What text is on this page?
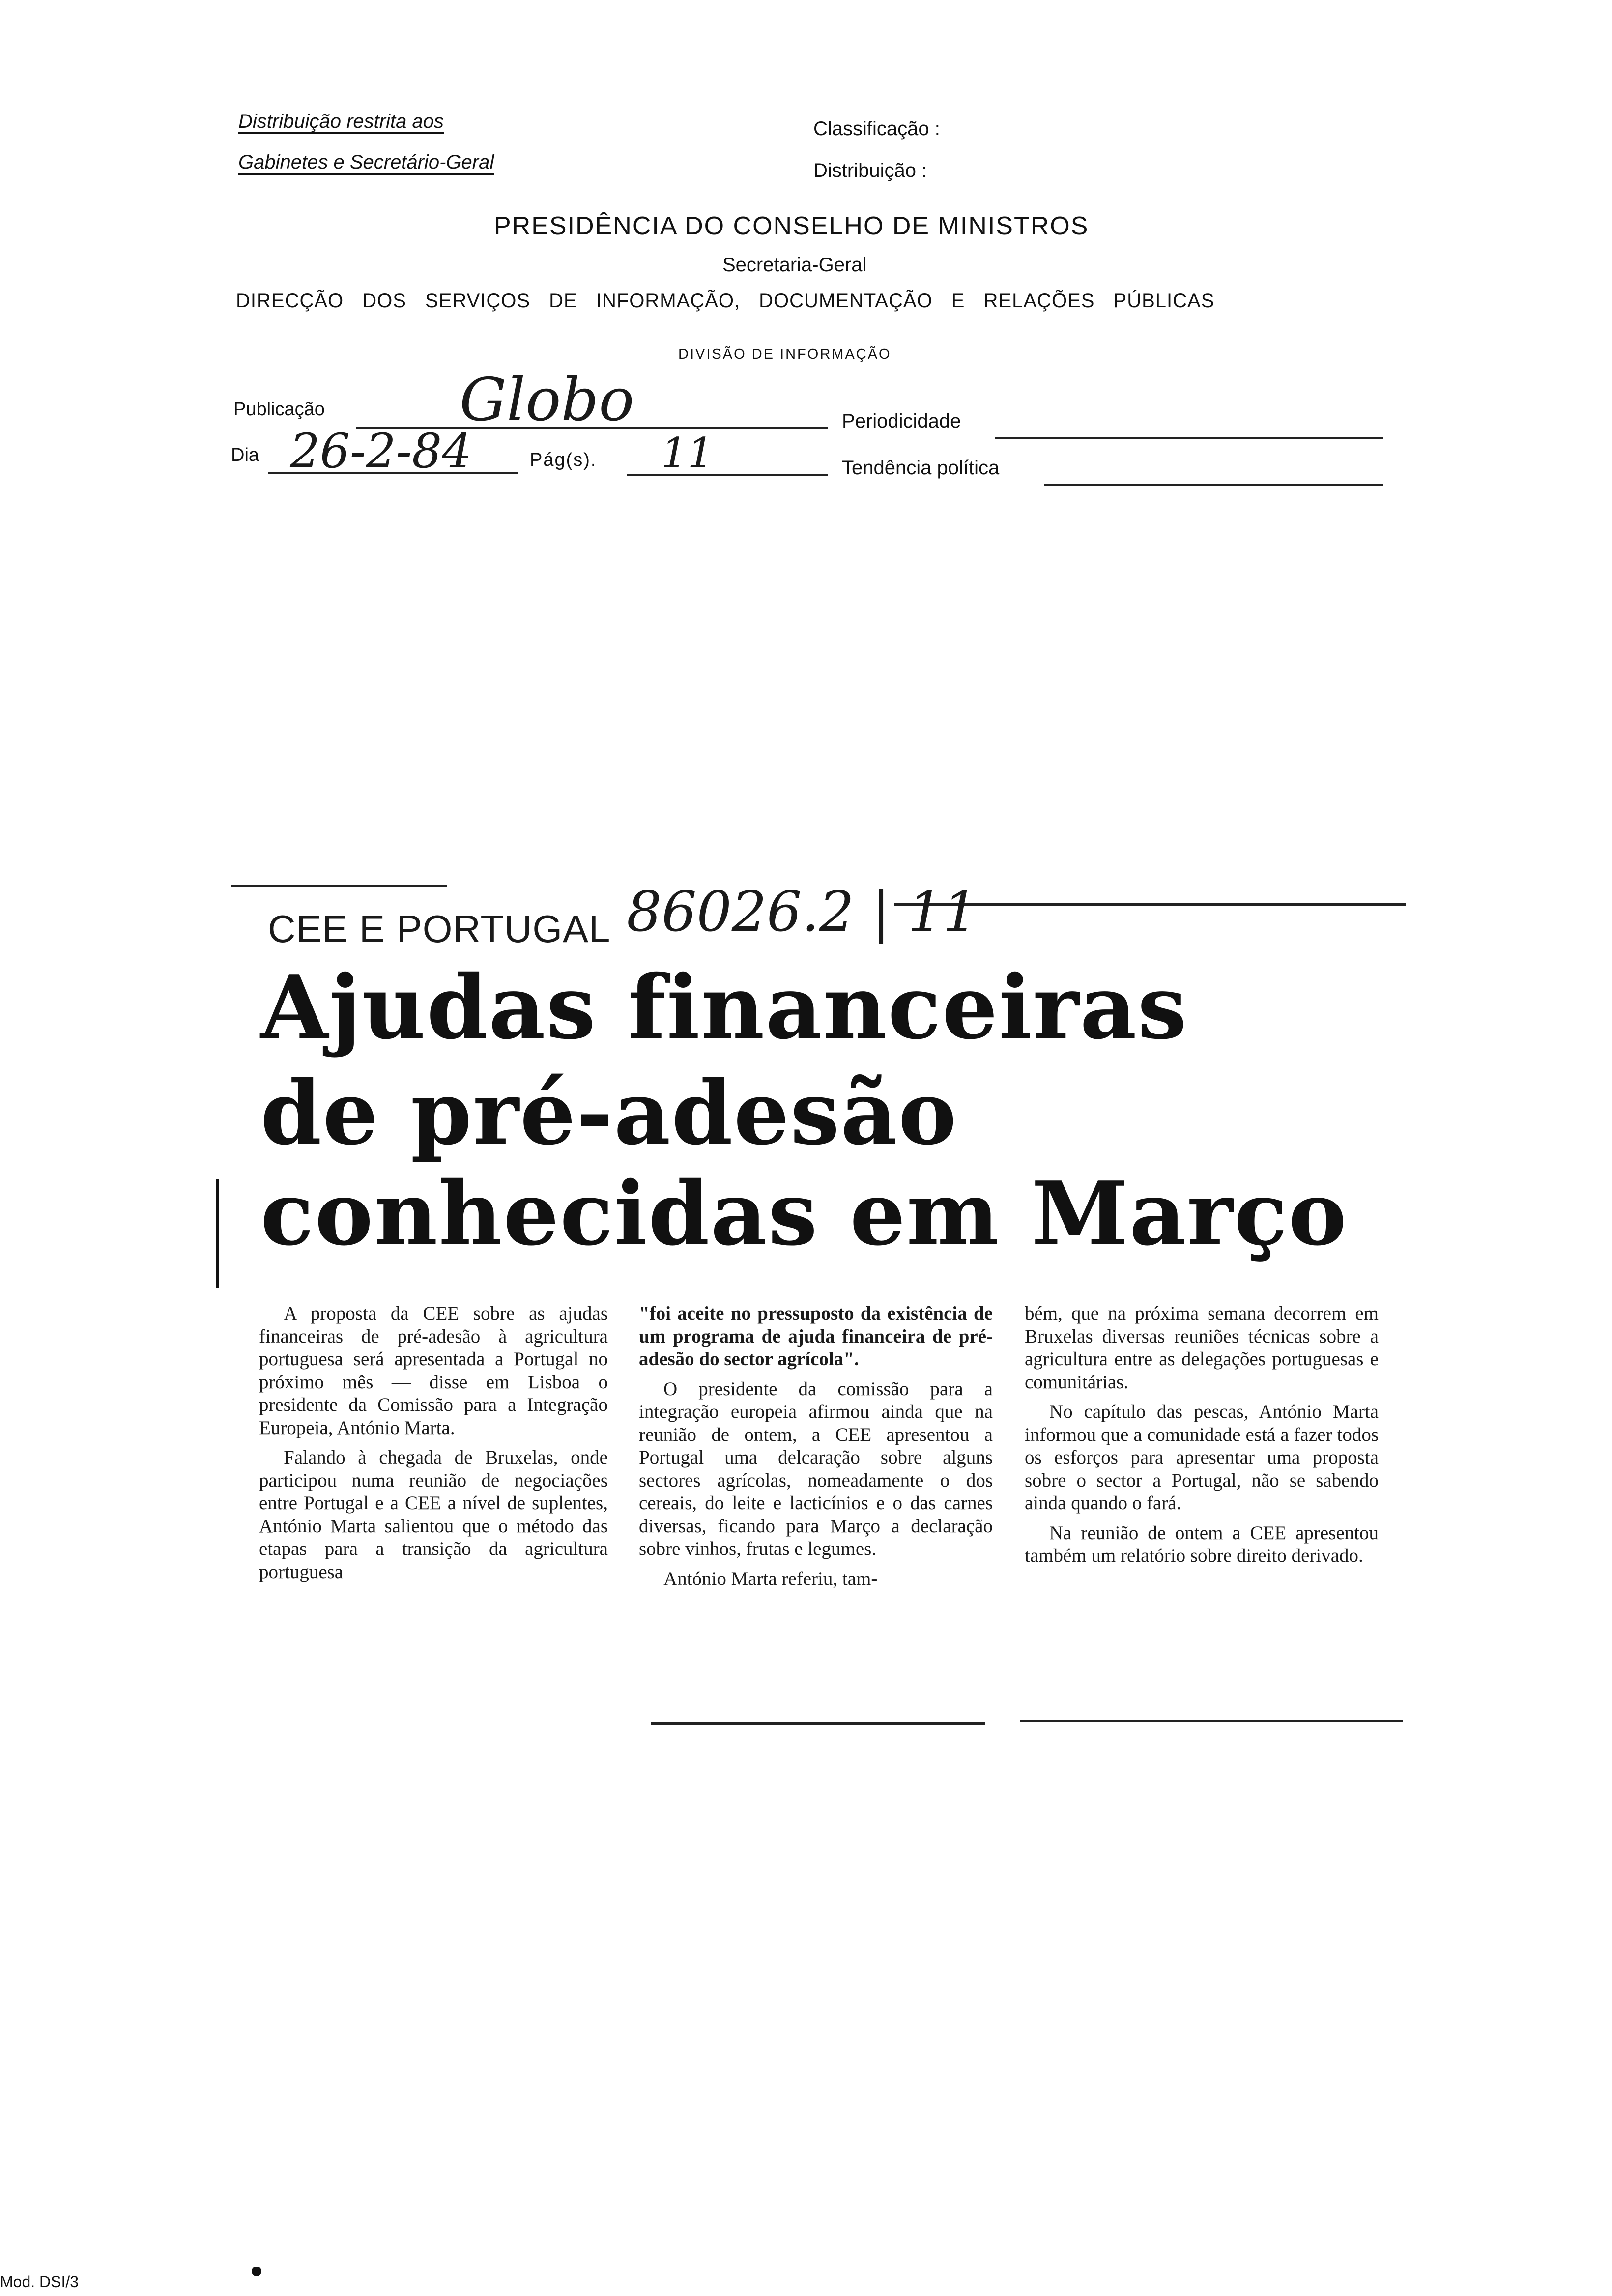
Distribuição restrita aos
Gabinetes e Secretário-Geral
Classificação :
Distribuição :
PRESIDÊNCIA DO CONSELHO DE MINISTROS
Secretaria-Geral
DIRECÇÃO DOS SERVIÇOS DE INFORMAÇÃO, DOCUMENTAÇÃO E RELAÇÕES PÚBLICAS
DIVISÃO DE INFORMAÇÃO
Publicação Globo	Periodicidade
Dia 26-2-84	Pág(s). 11	Tendência política
CEE E PORTUGAL 86026.2 | 11
Ajudas financeiras
de pré-adesão
conhecidas em Março

A proposta da CEE sobre as ajudas financeiras de pré-adesão à agricultura portuguesa será apresentada a Portugal no próximo mês — disse em Lisboa o presidente da Comissão para a Integração Europeia, António Marta.

Falando à chegada de Bruxelas, onde participou numa reunião de negociações entre Portugal e a CEE a nível de suplentes, António Marta salientou que o método das etapas para a transição da agricultura portuguesa

"foi aceite no pressuposto da existência de um programa de ajuda financeira de pré-adesão do sector agrícola".

O presidente da comissão para a integração europeia afirmou ainda que na reunião de ontem, a CEE apresentou a Portugal uma delcaração sobre alguns sectores agrícolas, nomeadamente o dos cereais, do leite e lacticínios e o das carnes diversas, ficando para Março a declaração sobre vinhos, frutas e legumes.

António Marta referiu, tam-

bém, que na próxima semana decorrem em Bruxelas diversas reuniões técnicas sobre a agricultura entre as delegações portuguesas e comunitárias.

No capítulo das pescas, António Marta informou que a comunidade está a fazer todos os esforços para apresentar uma proposta sobre o sector a Portugal, não se sabendo ainda quando o fará.

Na reunião de ontem a CEE apresentou também um relatório sobre direito derivado.

Mod. DSI/3
